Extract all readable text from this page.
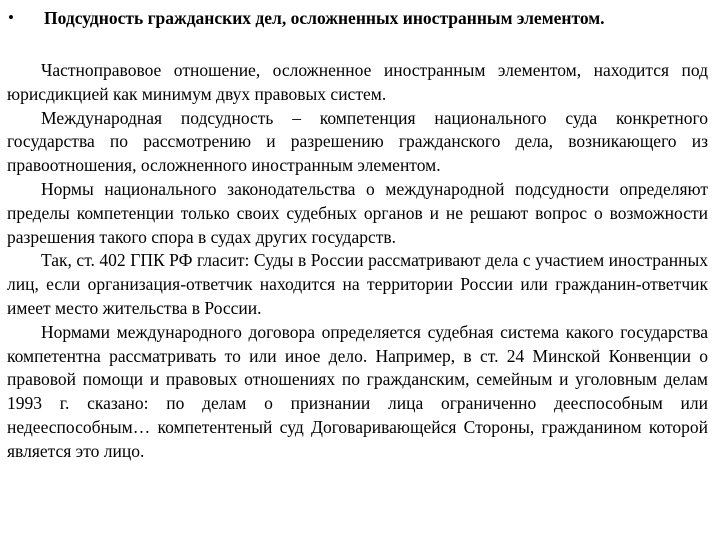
• Подсудность гражданских дел, осложненных иностранным элементом.

Частноправовое отношение, осложненное иностранным элементом, находится под юрисдикцией как минимум двух правовых систем.

Международная подсудность – компетенция национального суда конкретного государства по рассмотрению и разрешению гражданского дела, возникающего из правоотношения, осложненного иностранным элементом.

Нормы национального законодательства о международной подсудности определяют пределы компетенции только своих судебных органов и не решают вопрос о возможности разрешения такого спора в судах других государств.

Так, ст. 402 ГПК РФ гласит: Суды в России рассматривают дела с участием иностранных лиц, если организация-ответчик находится на территории России или гражданин-ответчик имеет место жительства в России.

Нормами международного договора определяется судебная система какого государства компетентна рассматривать то или иное дело. Например, в ст. 24 Минской Конвенции о правовой помощи и правовых отношениях по гражданским, семейным и уголовным делам 1993 г. сказано: по делам о признании лица ограниченно дееспособным или недееспособным… компетентеный суд Договаривающейся Стороны, гражданином которой является это лицо.
